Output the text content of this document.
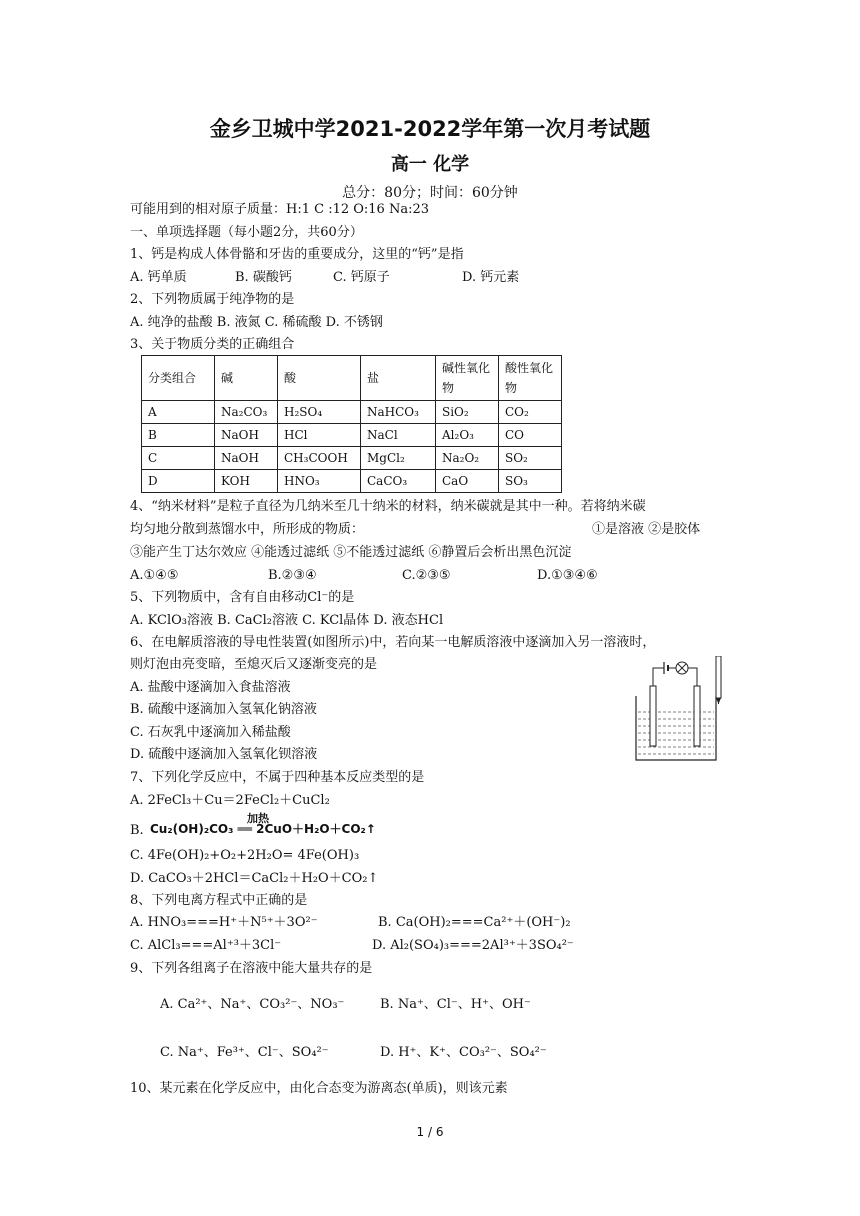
金乡卫城中学2021-2022学年第一次月考试题
高一 化学
总分：80分；时间：60分钟
可能用到的相对原子质量：H:1 C :12 O:16 Na:23
一、单项选择题（每小题2分，共60分）
1、钙是构成人体骨骼和牙齿的重要成分，这里的“钙”是指
A. 钙单质	B. 碳酸钙	C. 钙原子	D. 钙元素
2、下列物质属于纯净物的是
A. 纯净的盐酸 B. 液氮 C. 稀硫酸 D. 不锈钢
3、关于物质分类的正确组合
分类组合	碱	酸	盐	碱性氧化物	酸性氧化物
A	Na₂CO₃	H₂SO₄	NaHCO₃	SiO₂	CO₂
B	NaOH	HCl	NaCl	Al₂O₃	CO
C	NaOH	CH₃COOH	MgCl₂	Na₂O₂	SO₂
D	KOH	HNO₃	CaCO₃	CaO	SO₃
4、“纳米材料”是粒子直径为几纳米至几十纳米的材料，纳米碳就是其中一种。若将纳米碳
均匀地分散到蒸馏水中，所形成的物质：	①是溶液 ②是胶体
③能产生丁达尔效应 ④能透过滤纸 ⑤不能透过滤纸 ⑥静置后会析出黑色沉淀
A.①④⑤	B.②③④	C.②③⑤	D.①③④⑥
5、下列物质中，含有自由移动Cl⁻的是
A. KClO₃溶液 B. CaCl₂溶液 C. KCl晶体 D. 液态HCl
6、在电解质溶液的导电性装置(如图所示)中，若向某一电解质溶液中逐滴加入另一溶液时，
则灯泡由亮变暗，至熄灭后又逐渐变亮的是
A. 盐酸中逐滴加入食盐溶液
B. 硫酸中逐滴加入氢氧化钠溶液
C. 石灰乳中逐滴加入稀盐酸
D. 硫酸中逐滴加入氢氧化钡溶液
7、下列化学反应中，不属于四种基本反应类型的是
A. 2FeCl₃＋Cu＝2FeCl₂＋CuCl₂
B.
加热
Cu₂(OH)₂CO₃ ══ 2CuO＋H₂O＋CO₂↑
C. 4Fe(OH)₂+O₂+2H₂O= 4Fe(OH)₃
D. CaCO₃＋2HCl＝CaCl₂＋H₂O＋CO₂↑
8、下列电离方程式中正确的是
A. HNO₃===H⁺＋N⁵⁺＋3O²⁻	B. Ca(OH)₂===Ca²⁺＋(OH⁻)₂
C. AlCl₃===Al⁺³＋3Cl⁻	D. Al₂(SO₄)₃===2Al³⁺＋3SO₄²⁻
9、下列各组离子在溶液中能大量共存的是
A. Ca²⁺、Na⁺、CO₃²⁻、NO₃⁻	B. Na⁺、Cl⁻、H⁺、OH⁻
C. Na⁺、Fe³⁺、Cl⁻、SO₄²⁻	D. H⁺、K⁺、CO₃²⁻、SO₄²⁻
10、某元素在化学反应中，由化合态变为游离态(单质)，则该元素
1 / 6
